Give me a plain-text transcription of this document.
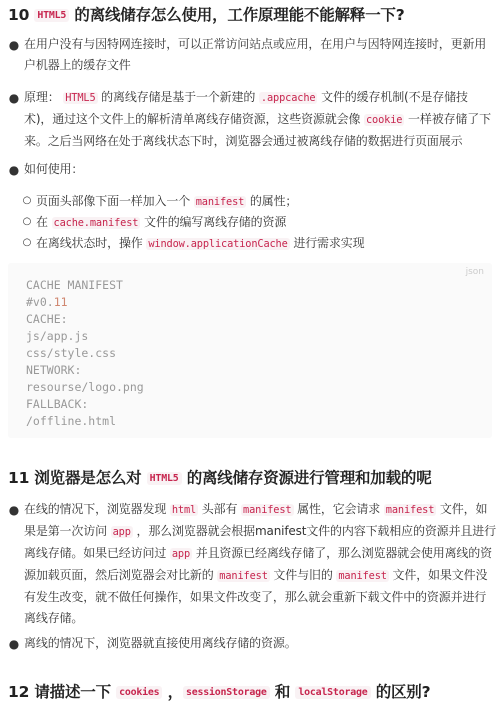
10 HTML5 的离线储存怎么使用，工作原理能不能解释一下?
● 在用户没有与因特网连接时，可以正常访问站点或应用，在用户与因特网连接时，更新用
户机器上的缓存文件
● 原理： HTML5 的离线存储是基于一个新建的 .appcache 文件的缓存机制(不是存储技
术)，通过这个文件上的解析清单离线存储资源，这些资源就会像 cookie 一样被存储了下
来。之后当网络在处于离线状态下时，浏览器会通过被离线存储的数据进行页面展示
● 如何使用：
○ 页面头部像下面一样加入一个 manifest 的属性；
○ 在 cache.manifest 文件的编写离线存储的资源
○ 在离线状态时，操作 window.applicationCache 进行需求实现
json
CACHE MANIFEST
#v0.11
CACHE:
js/app.js
css/style.css
NETWORK:
resourse/logo.png
FALLBACK:
/offline.html
11 浏览器是怎么对 HTML5 的离线储存资源进行管理和加载的呢
● 在线的情况下，浏览器发现 html 头部有 manifest 属性，它会请求 manifest 文件，如
果是第一次访问 app ，那么浏览器就会根据manifest文件的内容下载相应的资源并且进行
离线存储。如果已经访问过 app 并且资源已经离线存储了，那么浏览器就会使用离线的资
源加载页面，然后浏览器会对比新的 manifest 文件与旧的 manifest 文件，如果文件没
有发生改变，就不做任何操作，如果文件改变了，那么就会重新下载文件中的资源并进行
离线存储。
● 离线的情况下，浏览器就直接使用离线存储的资源。
12 请描述一下 cookies ， sessionStorage 和 localStorage 的区别?
